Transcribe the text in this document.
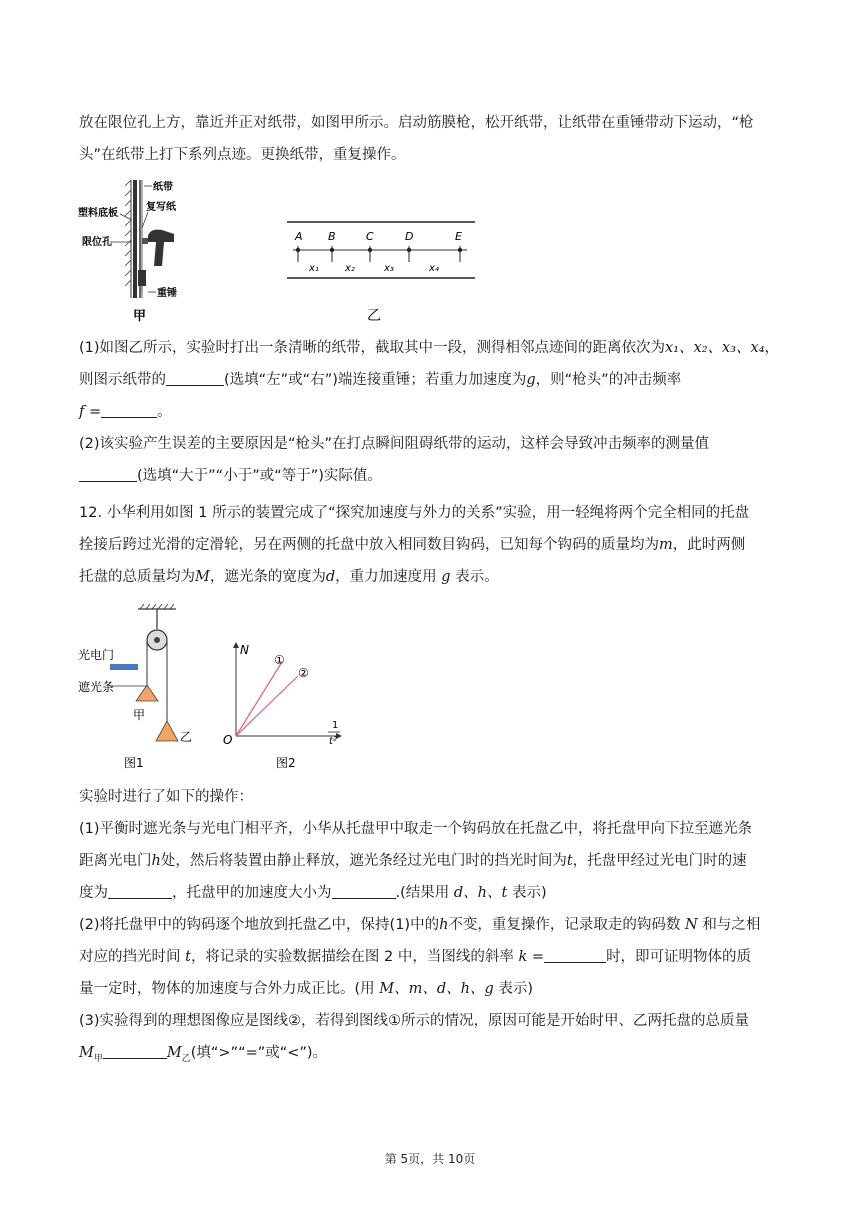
放在限位孔上方，靠近并正对纸带，如图甲所示。启动筋膜枪，松开纸带，让纸带在重锤带动下运动，“枪
头”在纸带上打下系列点迹。更换纸带，重复操作。
纸带
塑料底板
复写纸
限位孔
重锤
甲
A B	C	D	E
x₁	x₂	x₃	x₄
乙
(1)如图乙所示，实验时打出一条清晰的纸带，截取其中一段，测得相邻点迹间的距离依次为x₁、x₂、x₃、x₄，
则图示纸带的	(选填“左”或“右”)端连接重锤；若重力加速度为g，则“枪头”的冲击频率
f =	。
(2)该实验产生误差的主要原因是“枪头”在打点瞬间阻碍纸带的运动，这样会导致冲击频率的测量值
(选填“大于”“小于”或“等于”)实际值。
12. 小华利用如图 1 所示的装置完成了“探究加速度与外力的关系”实验，用一轻绳将两个完全相同的托盘
拴接后跨过光滑的定滑轮，另在两侧的托盘中放入相同数目钩码，已知每个钩码的质量均为m，此时两侧
托盘的总质量均为M，遮光条的宽度为d，重力加速度用 g 表示。
光电门
遮光条
甲
乙
图1
N
①
②
O
1
t²
图2
实验时进行了如下的操作：
(1)平衡时遮光条与光电门相平齐，小华从托盘甲中取走一个钩码放在托盘乙中，将托盘甲向下拉至遮光条
距离光电门h处，然后将装置由静止释放，遮光条经过光电门时的挡光时间为t，托盘甲经过光电门时的速
度为	，托盘甲的加速度大小为	.(结果用 d、h、t 表示)
(2)将托盘甲中的钩码逐个地放到托盘乙中，保持(1)中的h不变，重复操作，记录取走的钩码数 N 和与之相
对应的挡光时间 t，将记录的实验数据描绘在图 2 中，当图线的斜率 k =	时，即可证明物体的质
量一定时，物体的加速度与合外力成正比。(用 M、m、d、h、g 表示)
(3)实验得到的理想图像应是图线②，若得到图线①所示的情况，原因可能是开始时甲、乙两托盘的总质量
$M_甲$	$M_乙$(填“>”“=”或“<”)。
第 5页，共 10页
